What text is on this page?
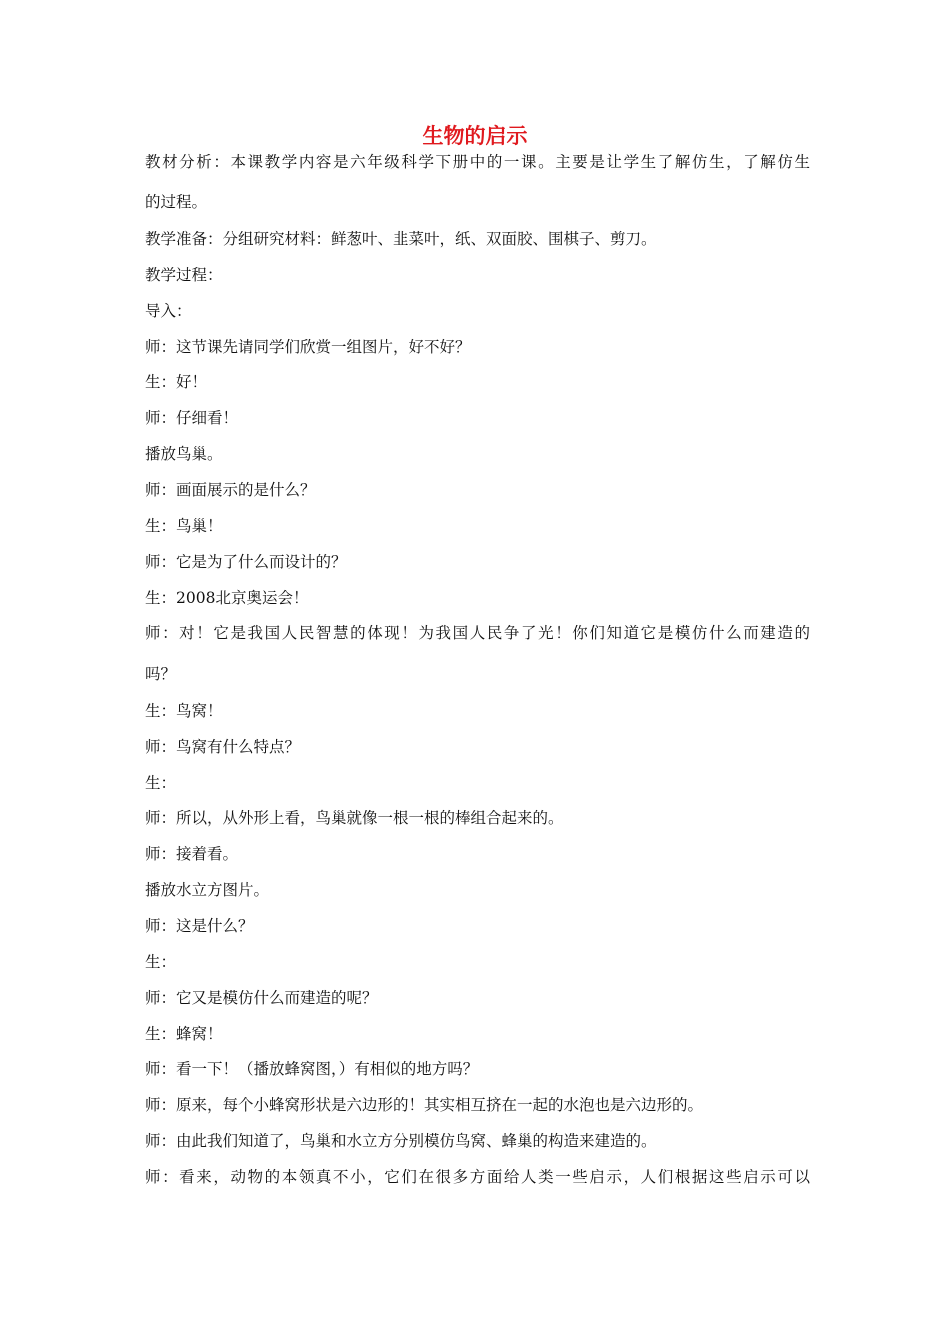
生物的启示
教材分析：本课教学内容是六年级科学下册中的一课。主要是让学生了解仿生，了解仿生
的过程。
教学准备：分组研究材料：鲜葱叶、韭菜叶，纸、双面胶、围棋子、剪刀。
教学过程：
导入：
师：这节课先请同学们欣赏一组图片，好不好？
生：好！
师：仔细看！
播放鸟巢。
师：画面展示的是什么？
生：鸟巢！
师：它是为了什么而设计的？
生：2008北京奥运会！
师：对！它是我国人民智慧的体现！为我国人民争了光！你们知道它是模仿什么而建造的
吗？
生：鸟窝！
师：鸟窝有什么特点？
生：
师：所以，从外形上看，鸟巢就像一根一根的棒组合起来的。
师：接着看。
播放水立方图片。
师：这是什么？
生：
师：它又是模仿什么而建造的呢？
生：蜂窝！
师：看一下！（播放蜂窝图，）有相似的地方吗？
师：原来，每个小蜂窝形状是六边形的！其实相互挤在一起的水泡也是六边形的。
师：由此我们知道了，鸟巢和水立方分别模仿鸟窝、蜂巢的构造来建造的。
师：看来，动物的本领真不小，它们在很多方面给人类一些启示，人们根据这些启示可以
